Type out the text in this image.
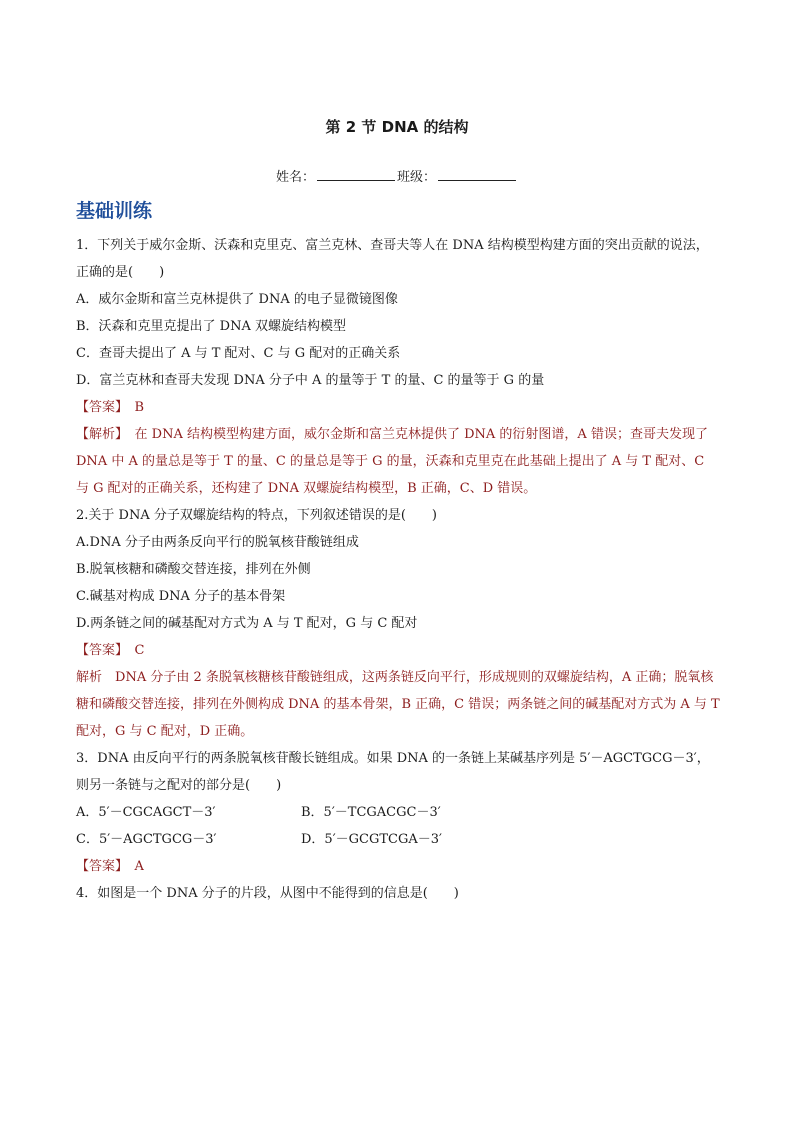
第 2 节 DNA 的结构
姓名：	班级：
基础训练

1．下列关于威尔金斯、沃森和克里克、富兰克林、查哥夫等人在 DNA 结构模型构建方面的突出贡献的说法，正确的是(　　)

A．威尔金斯和富兰克林提供了 DNA 的电子显微镜图像

B．沃森和克里克提出了 DNA 双螺旋结构模型

C．查哥夫提出了 A 与 T 配对、C 与 G 配对的正确关系

D．富兰克林和查哥夫发现 DNA 分子中 A 的量等于 T 的量、C 的量等于 G 的量

【答案】　 B

【解析】　 在 DNA 结构模型构建方面，威尔金斯和富兰克林提供了 DNA 的衍射图谱，A 错误；查哥夫发现了 DNA 中 A 的量总是等于 T 的量、C 的量总是等于 G 的量，沃森和克里克在此基础上提出了 A 与 T 配对、C 与 G 配对的正确关系，还构建了 DNA 双螺旋结构模型，B 正确，C、D 错误。

2.关于 DNA 分子双螺旋结构的特点，下列叙述错误的是(　　)

A.DNA 分子由两条反向平行的脱氧核苷酸链组成

B.脱氧核糖和磷酸交替连接，排列在外侧

C.碱基对构成 DNA 分子的基本骨架

D.两条链之间的碱基配对方式为 A 与 T 配对，G 与 C 配对

【答案】　 C

解析　 DNA 分子由 2 条脱氧核糖核苷酸链组成，这两条链反向平行，形成规则的双螺旋结构，A 正确；脱氧核糖和磷酸交替连接，排列在外侧构成 DNA 的基本骨架，B 正确，C 错误；两条链之间的碱基配对方式为 A 与 T 配对，G 与 C 配对，D 正确。

3．DNA 由反向平行的两条脱氧核苷酸长链组成。如果 DNA 的一条链上某碱基序列是 5′－AGCTGCG－3′，则另一条链与之配对的部分是(　　)

A．5′－CGCAGCT－3′	B．5′－TCGACGC－3′

C．5′－AGCTGCG－3′	D．5′－GCGTCGA－3′

【答案】　 A

4．如图是一个 DNA 分子的片段，从图中不能得到的信息是(　　)
